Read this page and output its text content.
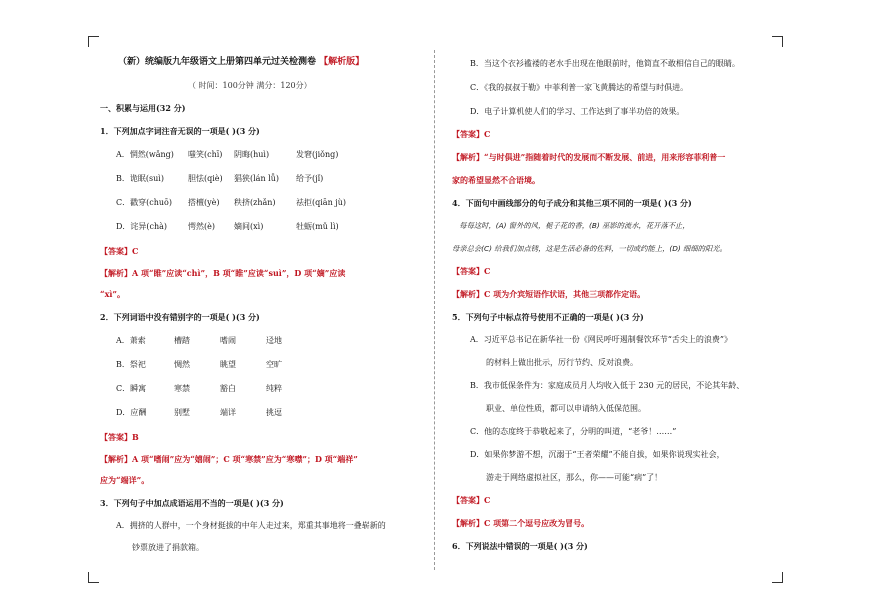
（新）统编版九年级语文上册第四单元过关检测卷 【解析版】
（ 时间：100分钟 满分：120分）
一、积累与运用(32 分)
1．下列加点字词注音无误的一项是( )(3 分)
A．惘然(wǎng) 嗤笑(chī) 阴晦(huì)	发窘(jiǒng)
B．诡眠(suì)	胆怯(qiè) 猖狭(lán lǚ) 给予(jǐ)
C．戳穿(chuō) 搭檀(yè) 秩挤(zhǎn)	祛拒(qiān jù)
D．诧异(chà)	愕然(è) 嫡间(xì)	牡蛎(mǔ lì)
【答案】C
【解析】A 项“睢”应读“chì”，B 项“睢”应读“suì”，D 项“嫡”应读
“xì”。
2．下列词语中没有错别字的一项是( )(3 分)
A．萧索	槽踏	嗜闹	迳地
B．祭祀	惆然	眺望	空旷
C．瞬寓	寒禁	豁白	纯粹
D．应酬	别墅	端详	挑逗
【答案】B
【解析】A 项“嗜闹”应为“嬉闹”；C 项“寒禁”应为“寒噤”；D 项“端祥”
应为“端详”。
3．下列句子中加点成语运用不当的一项是( )(3 分)
A．拥挤的人群中，一个身材挺拔的中年人走过来，郑重其事地将一叠崭新的
钞票放进了捐款箱。
B．当这个衣衫褴褛的老水手出现在他眼前时，他简直不敢相信自己的眼睛。
C．《我的叔叔于勒》中菲利普一家飞黄腾达的希望与时俱进。
D．电子计算机使人们的学习、工作达到了事半功倍的效果。
【答案】C
【解析】“与时俱进”指随着时代的发展而不断发展、前进，用来形容菲利普一
家的希望显然不合语境。
4．下面句中画线部分的句子成分和其他三项不同的一项是( )(3 分)
　每每这时，(A) 窗外的风，栀子花的香，(B) 巫影的流水，花开落不止，
母亲总会(C) 给我们加点锈，这是生活必备的佐料，一切或约能上，(D) 细细的阳光。
【答案】C
【解析】C 项为介宾短语作状语，其他三项都作定语。
5．下列句子中标点符号使用不正确的一项是( )(3 分)
A．习近平总书记在新华社一份《网民呼吁遏制餐饮环节“舌尖上的浪费”》
的材料上做出批示，厉行节约、反对浪费。
B．我市低保条件为：家庭成员月人均收入低于 230 元的居民，不论其年龄、
职业、单位性质，都可以申请纳入低保范围。
C．他的态度终于恭敬起来了，分明的叫道，“老爷！……”
D．如果你梦游不想，沉溺于“王者荣耀”不能自拔，如果你说现实社会，
游走于网络虚拟社区，那么，你——可能“病”了！
【答案】C
【解析】C 项第二个逗号应改为冒号。
6．下列说法中错误的一项是( )(3 分)
